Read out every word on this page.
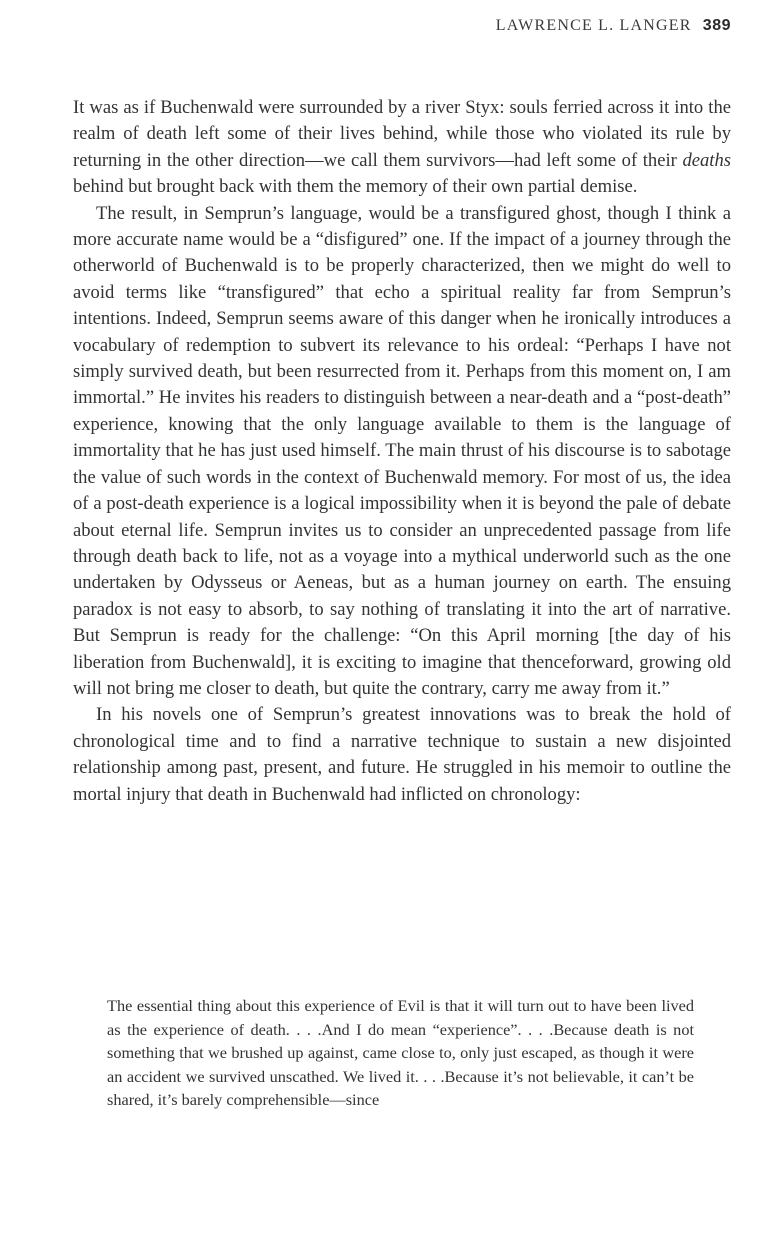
LAWRENCE L. LANGER 389

It was as if Buchenwald were surrounded by a river Styx: souls ferried across it into the realm of death left some of their lives behind, while those who violated its rule by returning in the other direction—we call them survivors—had left some of their deaths behind but brought back with them the memory of their own partial demise.

The result, in Semprun’s language, would be a transfigured ghost, though I think a more accurate name would be a “disfigured” one. If the impact of a journey through the otherworld of Buchenwald is to be properly characterized, then we might do well to avoid terms like “transfigured” that echo a spiritual reality far from Semprun’s intentions. Indeed, Semprun seems aware of this danger when he ironically introduces a vocabulary of redemption to subvert its relevance to his ordeal: “Perhaps I have not simply survived death, but been resurrected from it. Perhaps from this moment on, I am immortal.” He invites his readers to distinguish between a near-death and a “post-death” experience, knowing that the only language available to them is the language of immortality that he has just used himself. The main thrust of his discourse is to sabotage the value of such words in the context of Buchenwald memory. For most of us, the idea of a post-death experience is a logical impossibility when it is beyond the pale of debate about eternal life. Semprun invites us to consider an unprecedented passage from life through death back to life, not as a voyage into a mythical underworld such as the one undertaken by Odysseus or Aeneas, but as a human journey on earth. The ensuing paradox is not easy to absorb, to say nothing of translating it into the art of narrative. But Semprun is ready for the challenge: “On this April morning [the day of his liberation from Buchenwald], it is exciting to imagine that thenceforward, growing old will not bring me closer to death, but quite the contrary, carry me away from it.”

In his novels one of Semprun’s greatest innovations was to break the hold of chronological time and to find a narrative technique to sustain a new disjointed relationship among past, present, and future. He struggled in his memoir to outline the mortal injury that death in Buchenwald had inflicted on chronology:

The essential thing about this experience of Evil is that it will turn out to have been lived as the experience of death. . . .And I do mean “experience”. . . .Because death is not something that we brushed up against, came close to, only just escaped, as though it were an accident we survived unscathed. We lived it. . . .Because it’s not believable, it can’t be shared, it’s barely comprehensible—since
